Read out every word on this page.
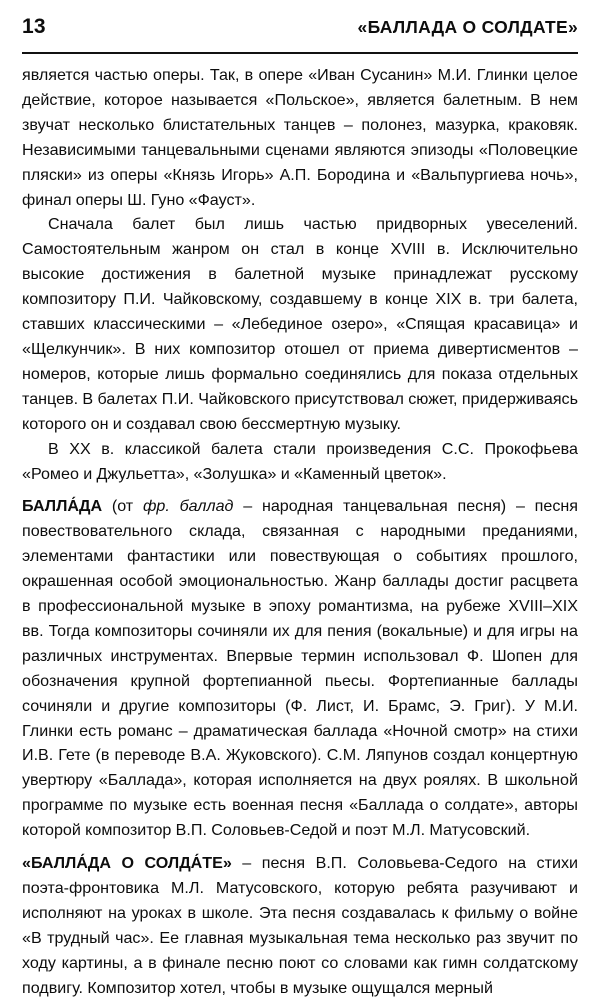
13	«БАЛЛАДА О СОЛДАТЕ»

является частью оперы. Так, в опере «Иван Сусанин» М.И. Глинки целое действие, которое называется «Польское», является балетным. В нем звучат несколько блистательных танцев – полонез, мазурка, краковяк. Независимыми танцевальными сценами являются эпизоды «Половецкие пляски» из оперы «Князь Игорь» А.П. Бородина и «Вальпургиева ночь», финал оперы Ш. Гуно «Фауст».

Сначала балет был лишь частью придворных увеселений. Самостоятельным жанром он стал в конце XVIII в. Исключительно высокие достижения в балетной музыке принадлежат русскому композитору П.И. Чайковскому, создавшему в конце XIX в. три балета, ставших классическими – «Лебединое озеро», «Спящая красавица» и «Щелкунчик». В них композитор отошел от приема дивертисментов – номеров, которые лишь формально соединялись для показа отдельных танцев. В балетах П.И. Чайковского присутствовал сюжет, придерживаясь которого он и создавал свою бессмертную музыку.

В ХХ в. классикой балета стали произведения С.С. Прокофьева «Ромео и Джульетта», «Золушка» и «Каменный цветок».

БАЛЛА́ДА (от фр. баллад – народная танцевальная песня) – песня повествовательного склада, связанная с народными преданиями, элементами фантастики или повествующая о событиях прошлого, окрашенная особой эмоциональностью. Жанр баллады достиг расцвета в профессиональной музыке в эпоху романтизма, на рубеже XVIII–XIX вв. Тогда композиторы сочиняли их для пения (вокальные) и для игры на различных инструментах. Впервые термин использовал Ф. Шопен для обозначения крупной фортепианной пьесы. Фортепианные баллады сочиняли и другие композиторы (Ф. Лист, И. Брамс, Э. Григ). У М.И. Глинки есть романс – драматическая баллада «Ночной смотр» на стихи И.В. Гете (в переводе В.А. Жуковского). С.М. Ляпунов создал концертную увертюру «Баллада», которая исполняется на двух роялях. В школьной программе по музыке есть военная песня «Баллада о солдате», авторы которой композитор В.П. Соловьев-Седой и поэт М.Л. Матусовский.

«БАЛЛА́ДА О СОЛДА́ТЕ» – песня В.П. Соловьева-Седого на стихи поэта-фронтовика М.Л. Матусовского, которую ребята разучивают и исполняют на уроках в школе. Эта песня создавалась к фильму о войне «В трудный час». Ее главная музыкальная тема несколько раз звучит по ходу картины, а в финале песню поют со словами как гимн солдатскому подвигу. Композитор хотел, чтобы в музыке ощущался мерный
